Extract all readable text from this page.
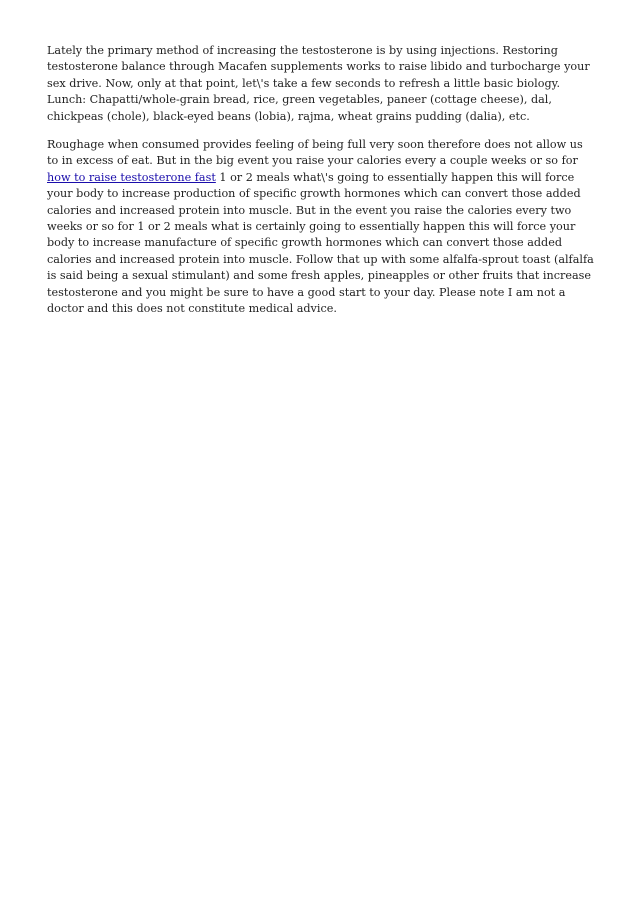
Lately the primary method of increasing the testosterone is by using injections. Restoring testosterone balance through Macafen supplements works to raise libido and turbocharge your sex drive. Now, only at that point, let\'s take a few seconds to refresh a little basic biology. Lunch: Chapatti/whole-grain bread, rice, green vegetables, paneer (cottage cheese), dal, chickpeas (chole), black-eyed beans (lobia), rajma, wheat grains pudding (dalia), etc.

Roughage when consumed provides feeling of being full very soon therefore does not allow us to in excess of eat. But in the big event you raise your calories every a couple weeks or so for how to raise testosterone fast 1 or 2 meals what\'s going to essentially happen this will force your body to increase production of specific growth hormones which can convert those added calories and increased protein into muscle. But in the event you raise the calories every two weeks or so for 1 or 2 meals what is certainly going to essentially happen this will force your body to increase manufacture of specific growth hormones which can convert those added calories and increased protein into muscle. Follow that up with some alfalfa-sprout toast (alfalfa is said being a sexual stimulant) and some fresh apples, pineapples or other fruits that increase testosterone and you might be sure to have a good start to your day. Please note I am not a doctor and this does not constitute medical advice.
